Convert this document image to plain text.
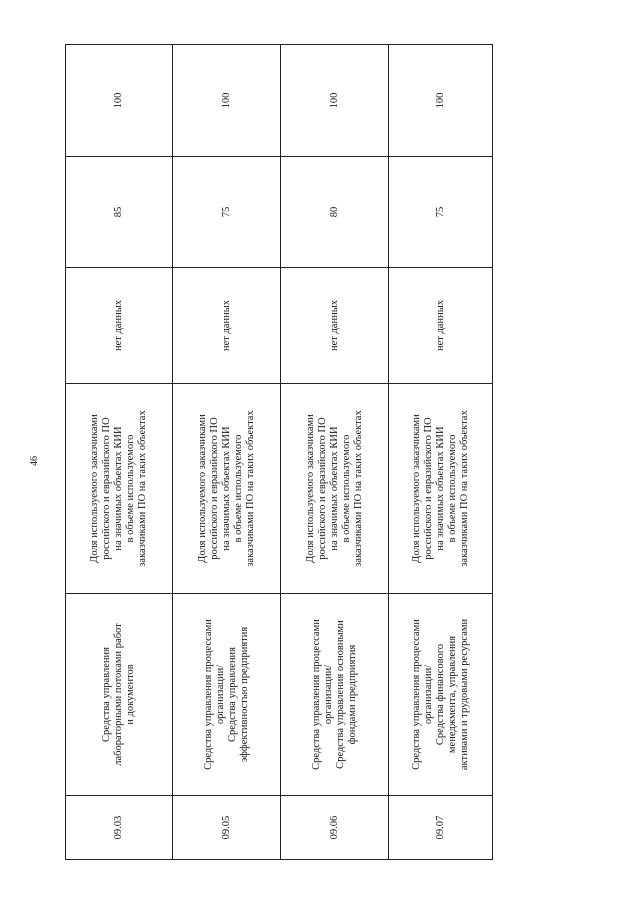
46
09.03	Средства управления
лабораторными потоками работ
и документов	Доля используемого заказчиками
российского и евразийского ПО
на значимых объектах КИИ
в объеме используемого
заказчиками ПО на таких объектах	нет данных	85	100
09.05	Средства управления процессами
организации/
Средства управления
эффективностью предприятия	Доля используемого заказчиками
российского и евразийского ПО
на значимых объектах КИИ
в объеме используемого
заказчиками ПО на таких объектах	нет данных	75	100
09.06	Средства управления процессами
организации/
Средства управления основными
фондами предприятия	Доля используемого заказчиками
российского и евразийского ПО
на значимых объектах КИИ
в объеме используемого
заказчиками ПО на таких объектах	нет данных	80	100
09.07	Средства управления процессами
организации/
Средства финансового
менеджмента, управления
активами и трудовыми ресурсами	Доля используемого заказчиками
российского и евразийского ПО
на значимых объектах КИИ
в объеме используемого
заказчиками ПО на таких объектах	нет данных	75	100
